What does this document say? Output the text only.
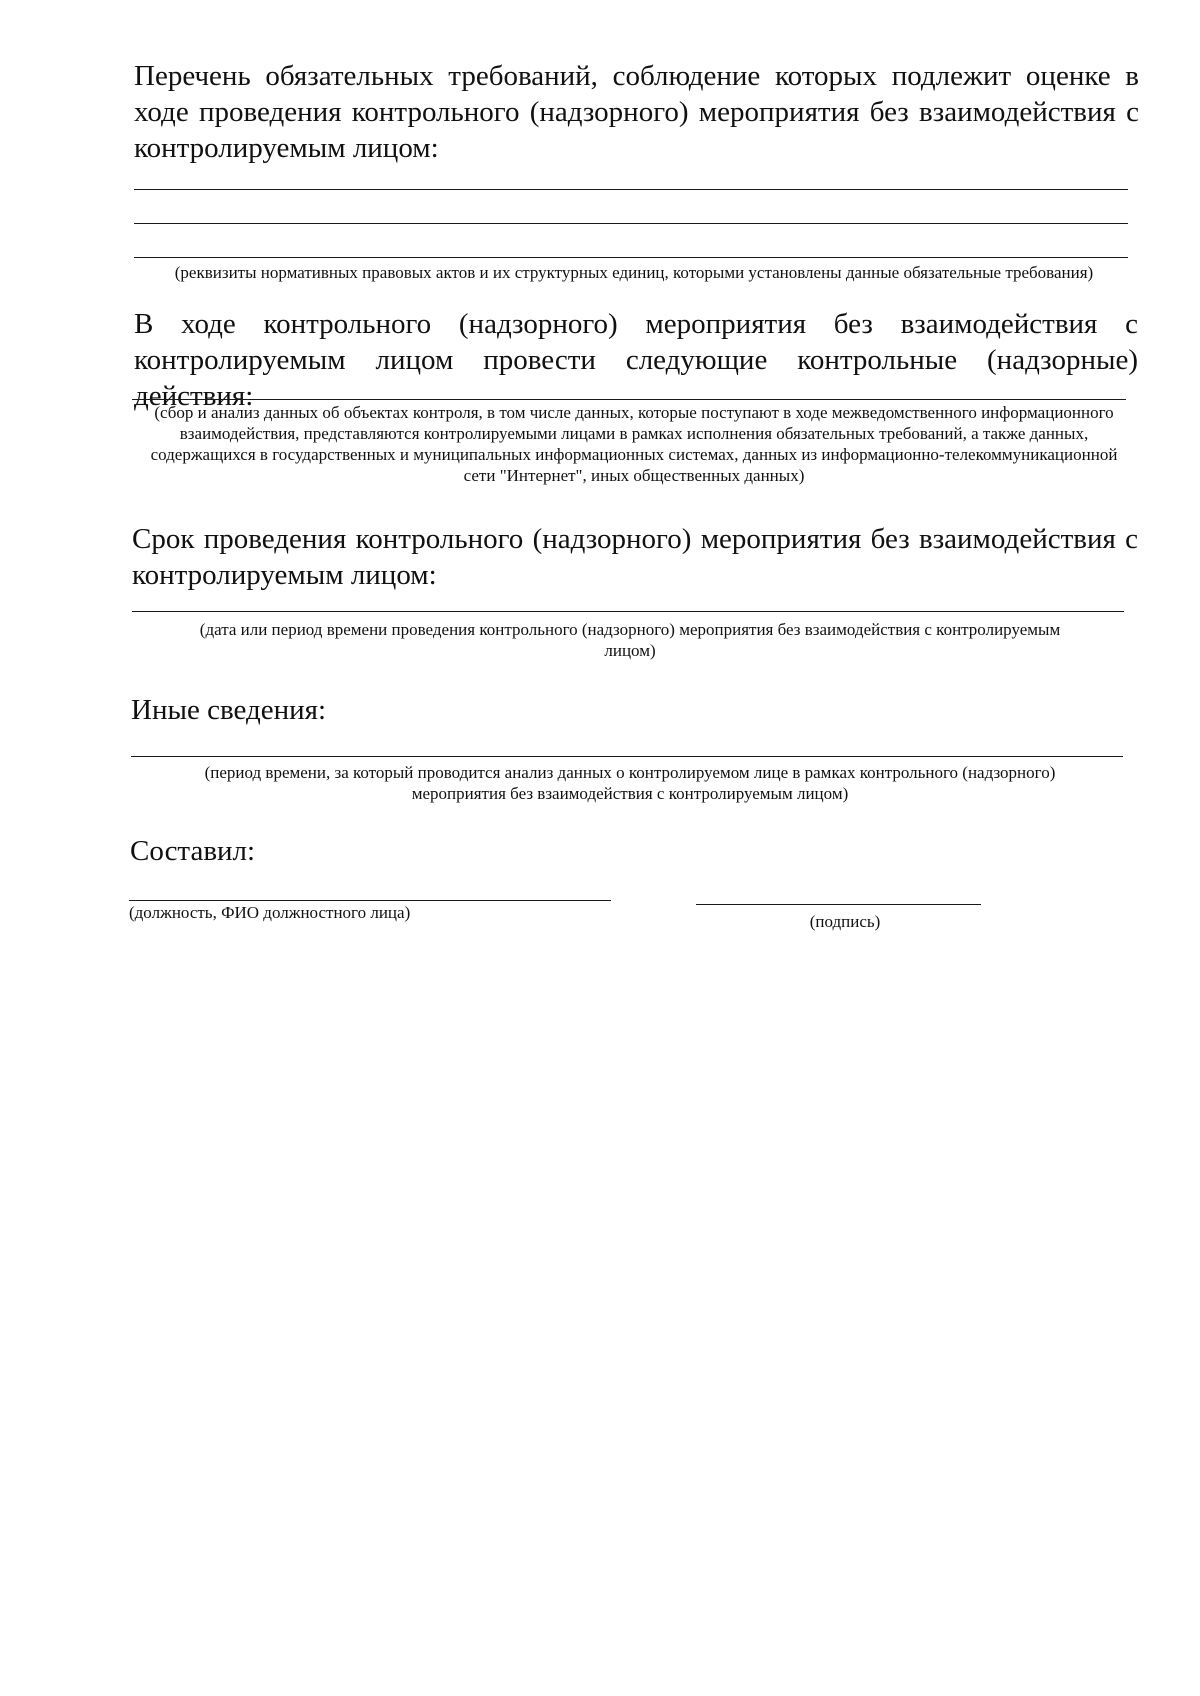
Перечень обязательных требований, соблюдение которых подлежит оценке в ходе проведения контрольного (надзорного) мероприятия без взаимодействия с контролируемым лицом:

(реквизиты нормативных правовых актов и их структурных единиц, которыми установлены данные обязательные требования)

В ходе контрольного (надзорного) мероприятия без взаимодействия с контролируемым лицом провести следующие контрольные (надзорные) действия:

(сбор и анализ данных об объектах контроля, в том числе данных, которые поступают в ходе межведомственного информационного взаимодействия, представляются контролируемыми лицами в рамках исполнения обязательных требований, а также данных, содержащихся в государственных и муниципальных информационных системах, данных из информационно-телекоммуникационной сети "Интернет", иных общественных данных)

Срок проведения контрольного (надзорного) мероприятия без взаимодействия с контролируемым лицом:

(дата или период времени проведения контрольного (надзорного) мероприятия без взаимодействия с контролируемым лицом)

Иные сведения:

(период времени, за который проводится анализ данных о контролируемом лице в рамках контрольного (надзорного) мероприятия без взаимодействия с контролируемым лицом)

Составил:

(должность, ФИО должностного лица)	(подпись)
